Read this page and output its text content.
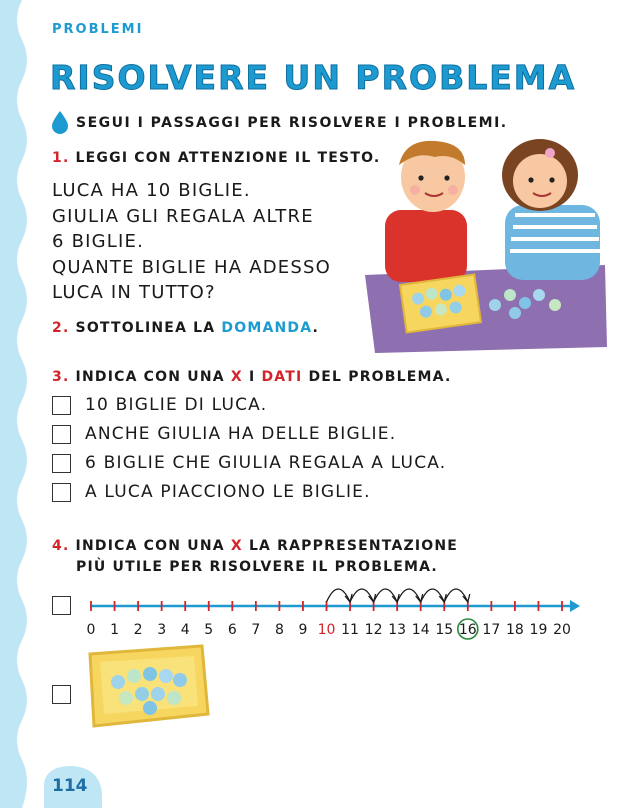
PROBLEMI
RISOLVERE UN PROBLEMA
SEGUI I PASSAGGI PER RISOLVERE I PROBLEMI.
1. LEGGI CON ATTENZIONE IL TESTO.
LUCA HA 10 BIGLIE.
GIULIA GLI REGALA ALTRE
6 BIGLIE.
QUANTE BIGLIE HA ADESSO
LUCA IN TUTTO?
2. SOTTOLINEA LA DOMANDA.
3. INDICA CON UNA X I DATI DEL PROBLEMA.
10 BIGLIE DI LUCA.
ANCHE GIULIA HA DELLE BIGLIE.
6 BIGLIE CHE GIULIA REGALA A LUCA.
A LUCA PIACCIONO LE BIGLIE.
4. INDICA CON UNA X LA RAPPRESENTAZIONE
PIÙ UTILE PER RISOLVERE IL PROBLEMA.
0 1 2 3 4 5 6 7 8 9 10 11 12 13 14 15 16 17 18 19 20
114
